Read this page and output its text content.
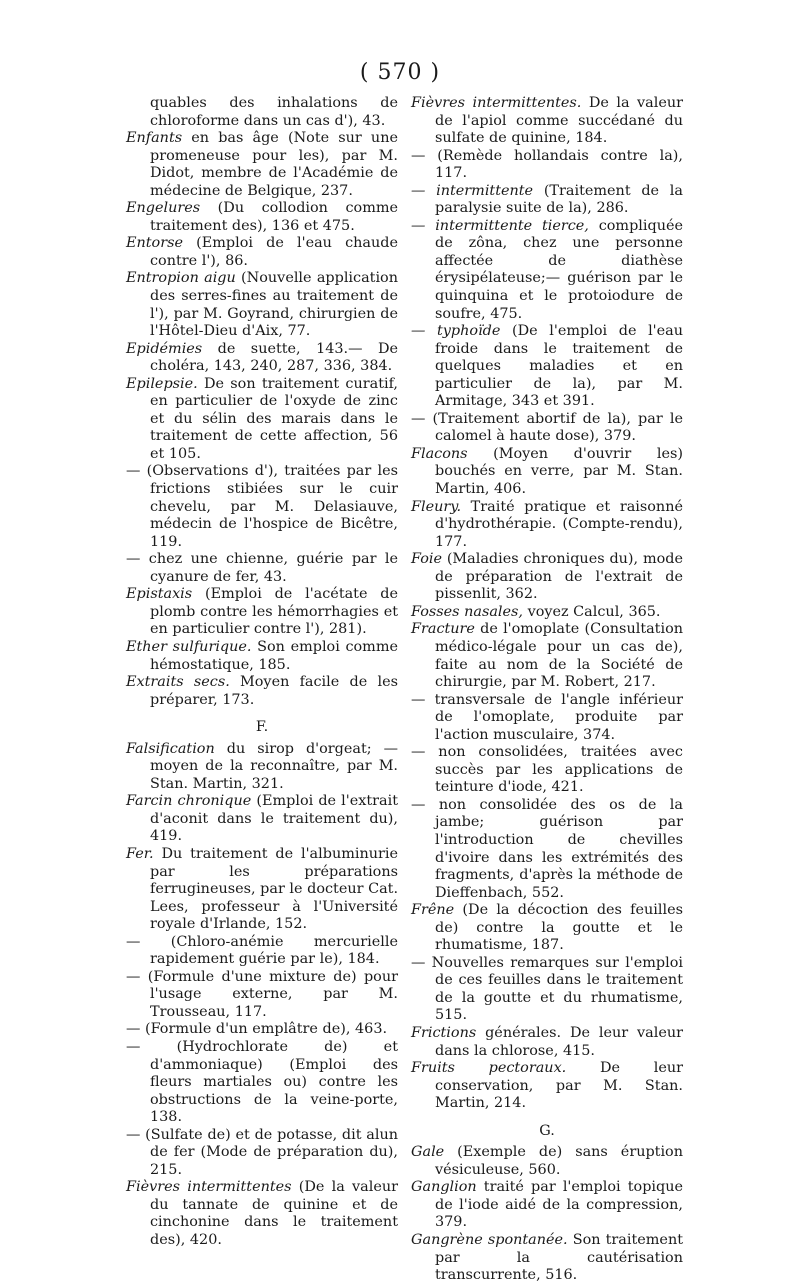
( 570 )

quables des inhalations de chloroforme dans un cas d'), 43.

Enfants en bas âge (Note sur une promeneuse pour les), par M. Didot, membre de l'Académie de médecine de Belgique, 237.

Engelures (Du collodion comme traitement des), 136 et 475.

Entorse (Emploi de l'eau chaude contre l'), 86.

Entropion aigu (Nouvelle application des serres-fines au traitement de l'), par M. Goyrand, chirurgien de l'Hôtel-Dieu d'Aix, 77.

Epidémies de suette, 143.— De choléra, 143, 240, 287, 336, 384.

Epilepsie. De son traitement curatif, en particulier de l'oxyde de zinc et du sélin des marais dans le traitement de cette affection, 56 et 105.

— (Observations d'), traitées par les frictions stibiées sur le cuir chevelu, par M. Delasiauve, médecin de l'hospice de Bicêtre, 119.

— chez une chienne, guérie par le cyanure de fer, 43.

Epistaxis (Emploi de l'acétate de plomb contre les hémorrhagies et en particulier contre l'), 281).

Ether sulfurique. Son emploi comme hémostatique, 185.

Extraits secs. Moyen facile de les préparer, 173.

F.

Falsification du sirop d'orgeat; — moyen de la reconnaître, par M. Stan. Martin, 321.

Farcin chronique (Emploi de l'extrait d'aconit dans le traitement du), 419.

Fer. Du traitement de l'albuminurie par les préparations ferrugineuses, par le docteur Cat. Lees, professeur à l'Université royale d'Irlande, 152.

— (Chloro-anémie mercurielle rapidement guérie par le), 184.

— (Formule d'une mixture de) pour l'usage externe, par M. Trousseau, 117.

— (Formule d'un emplâtre de), 463.

— (Hydrochlorate de) et d'ammoniaque) (Emploi des fleurs martiales ou) contre les obstructions de la veine-porte, 138.

— (Sulfate de) et de potasse, dit alun de fer (Mode de préparation du), 215.

Fièvres intermittentes (De la valeur du tannate de quinine et de cinchonine dans le traitement des), 420.

Fièvres intermittentes. De la valeur de l'apiol comme succédané du sulfate de quinine, 184.

— (Remède hollandais contre la), 117.

— intermittente (Traitement de la paralysie suite de la), 286.

— intermittente tierce, compliquée de zôna, chez une personne affectée de diathèse érysipélateuse;— guérison par le quinquina et le protoiodure de soufre, 475.

— typhoïde (De l'emploi de l'eau froide dans le traitement de quelques maladies et en particulier de la), par M. Armitage, 343 et 391.

— (Traitement abortif de la), par le calomel à haute dose), 379.

Flacons (Moyen d'ouvrir les) bouchés en verre, par M. Stan. Martin, 406.

Fleury. Traité pratique et raisonné d'hydrothérapie. (Compte-rendu), 177.

Foie (Maladies chroniques du), mode de préparation de l'extrait de pissenlit, 362.

Fosses nasales, voyez Calcul, 365.

Fracture de l'omoplate (Consultation médico-légale pour un cas de), faite au nom de la Société de chirurgie, par M. Robert, 217.

— transversale de l'angle inférieur de l'omoplate, produite par l'action musculaire, 374.

— non consolidées, traitées avec succès par les applications de teinture d'iode, 421.

— non consolidée des os de la jambe; guérison par l'introduction de chevilles d'ivoire dans les extrémités des fragments, d'après la méthode de Dieffenbach, 552.

Frêne (De la décoction des feuilles de) contre la goutte et le rhumatisme, 187.

— Nouvelles remarques sur l'emploi de ces feuilles dans le traitement de la goutte et du rhumatisme, 515.

Frictions générales. De leur valeur dans la chlorose, 415.

Fruits pectoraux. De leur conservation, par M. Stan. Martin, 214.

G.

Gale (Exemple de) sans éruption vésiculeuse, 560.

Ganglion traité par l'emploi topique de l'iode aidé de la compression, 379.

Gangrène spontanée. Son traitement par la cautérisation transcurrente, 516.
